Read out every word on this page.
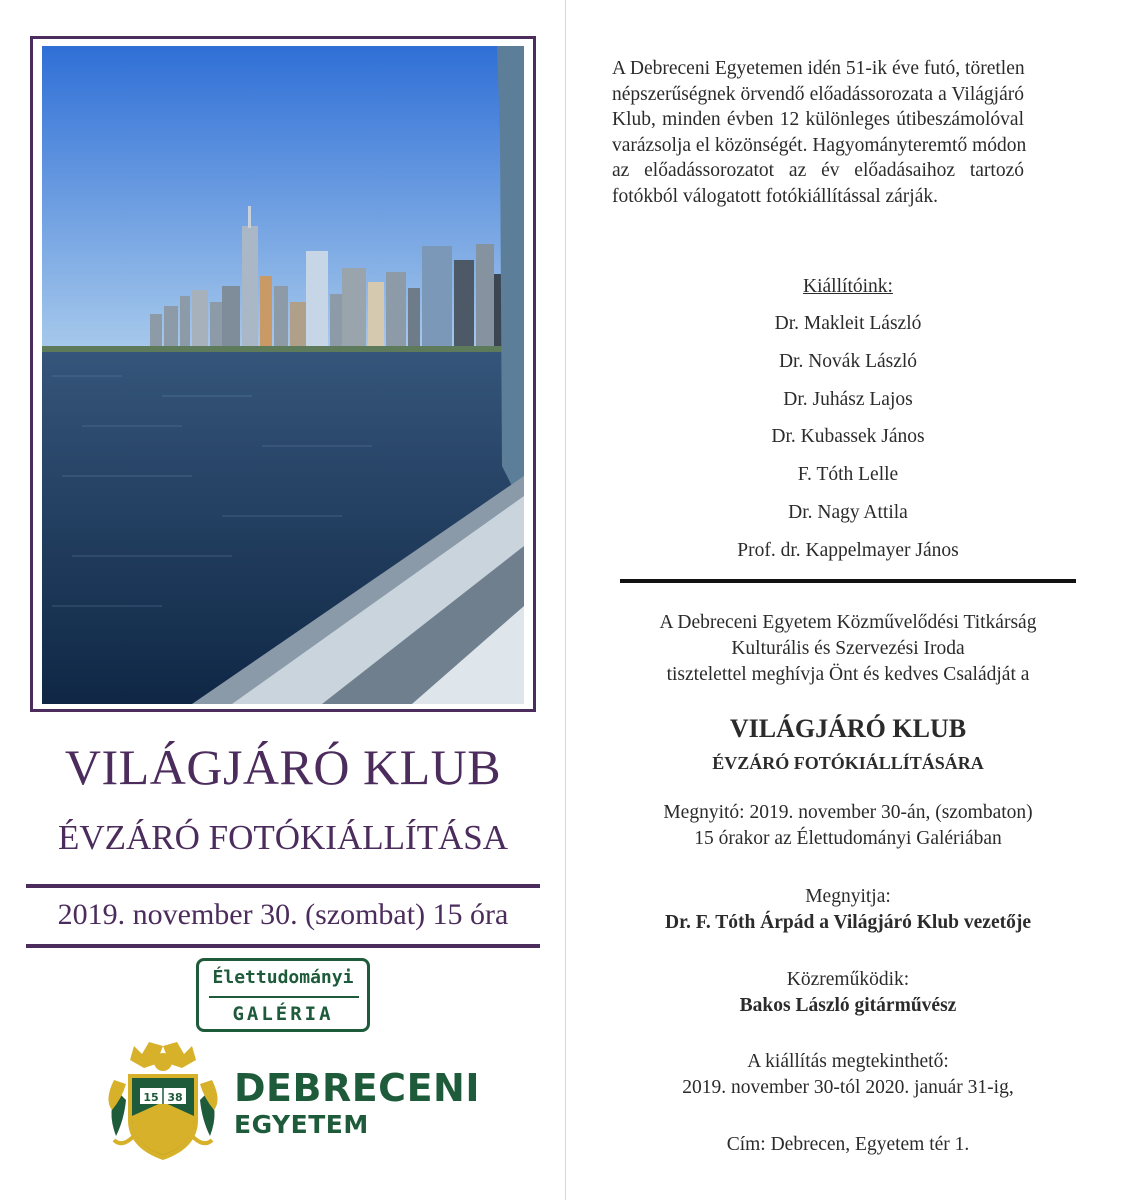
VILÁGJÁRÓ KLUB
ÉVZÁRÓ FOTÓKIÁLLÍTÁSA
2019. november 30. (szombat) 15 óra
Élettudományi
GALÉRIA
15 38 DEBRECENI
EGYETEM
A Debreceni Egyetemen idén 51-ik éve futó, töretlen
népszerűségnek örvendő előadássorozata a Világjáró
Klub, minden évben 12 különleges útibeszámolóval
varázsolja el közönségét. Hagyományteremtő módon
az előadássorozatot az év előadásaihoz tartozó
fotókból válogatott fotókiállítással zárják.
Kiállítóink:
Dr. Makleit László
Dr. Novák László
Dr. Juhász Lajos
Dr. Kubassek János
F. Tóth Lelle
Dr. Nagy Attila
Prof. dr. Kappelmayer János
A Debreceni Egyetem Közművelődési Titkárság
Kulturális és Szervezési Iroda
tisztelettel meghívja Önt és kedves Családját a
VILÁGJÁRÓ KLUB
ÉVZÁRÓ FOTÓKIÁLLÍTÁSÁRA
Megnyitó: 2019. november 30-án, (szombaton)
15 órakor az Élettudományi Galériában
Megnyitja:
Dr. F. Tóth Árpád a Világjáró Klub vezetője
Közreműködik:
Bakos László gitárművész
A kiállítás megtekinthető:
2019. november 30-tól 2020. január 31-ig,
Cím: Debrecen, Egyetem tér 1.
